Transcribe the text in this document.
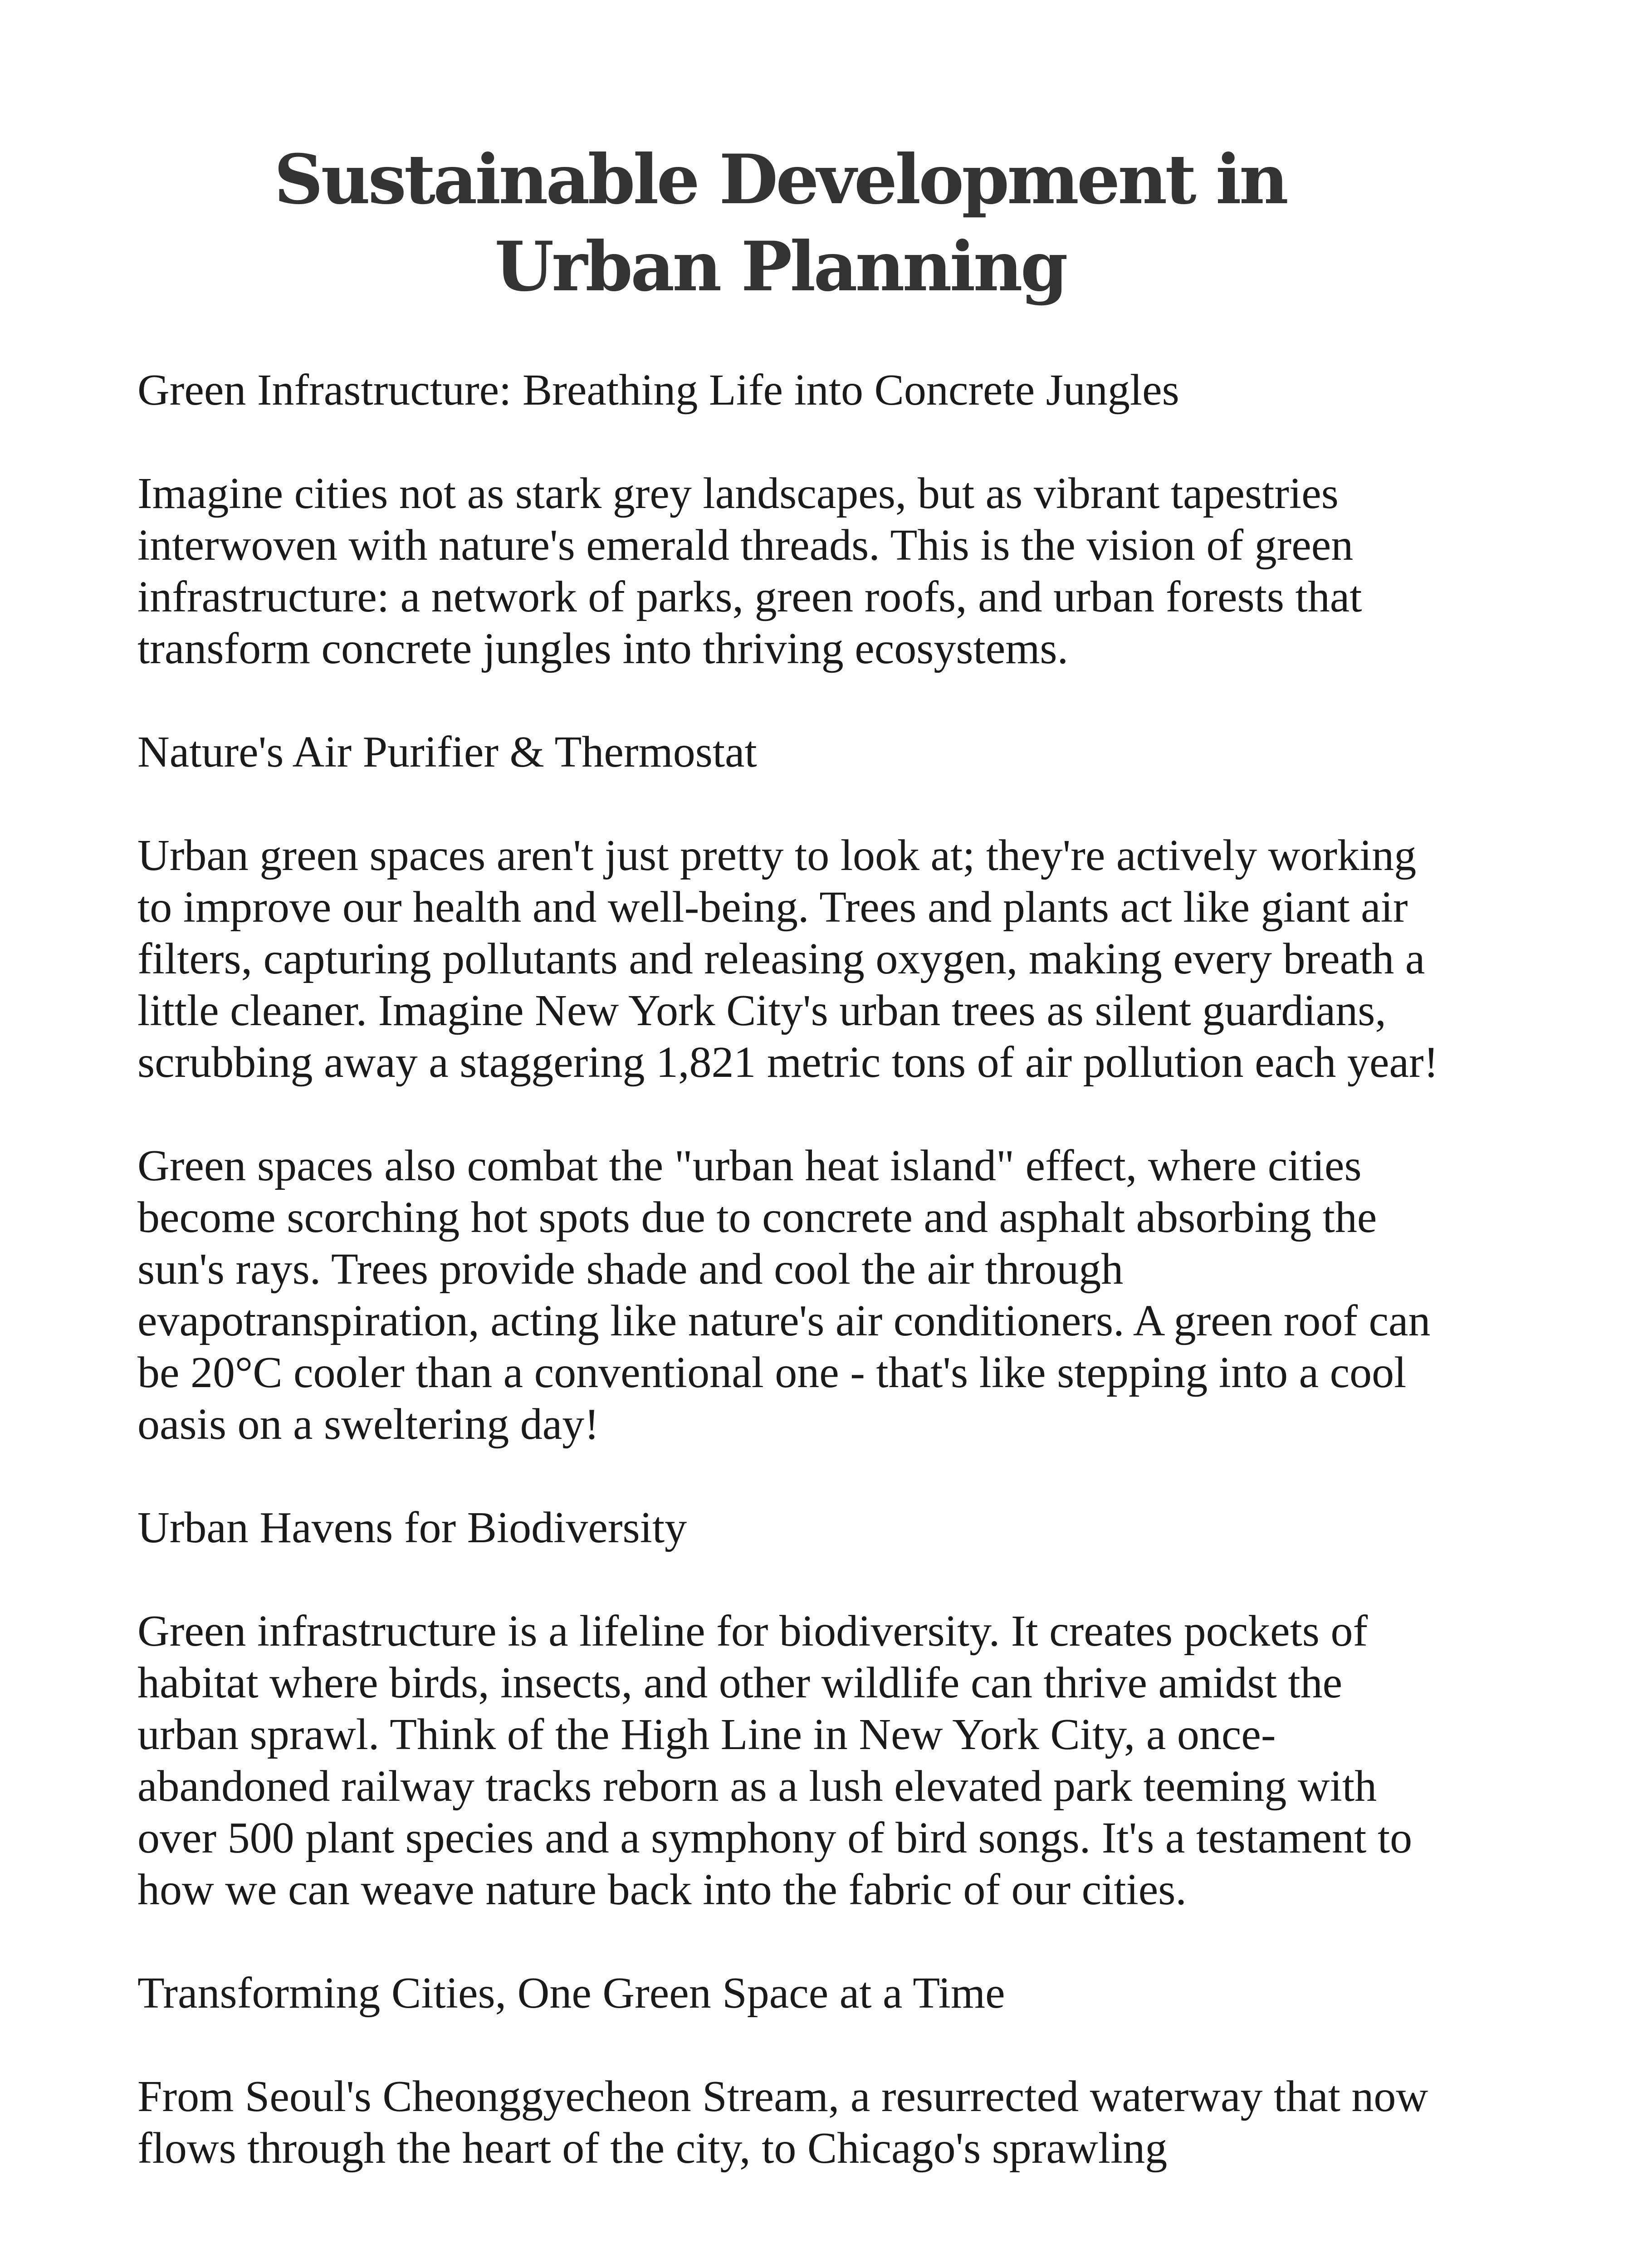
Sustainable Development in Urban Planning

Green Infrastructure: Breathing Life into Concrete Jungles

Imagine cities not as stark grey landscapes, but as vibrant tapestries interwoven with nature's emerald threads. This is the vision of green infrastructure: a network of parks, green roofs, and urban forests that transform concrete jungles into thriving ecosystems.

Nature's Air Purifier & Thermostat

Urban green spaces aren't just pretty to look at; they're actively working to improve our health and well-being. Trees and plants act like giant air filters, capturing pollutants and releasing oxygen, making every breath a little cleaner. Imagine New York City's urban trees as silent guardians, scrubbing away a staggering 1,821 metric tons of air pollution each year!

Green spaces also combat the "urban heat island" effect, where cities become scorching hot spots due to concrete and asphalt absorbing the sun's rays. Trees provide shade and cool the air through evapotranspiration, acting like nature's air conditioners. A green roof can be 20°C cooler than a conventional one - that's like stepping into a cool oasis on a sweltering day!

Urban Havens for Biodiversity

Green infrastructure is a lifeline for biodiversity. It creates pockets of habitat where birds, insects, and other wildlife can thrive amidst the urban sprawl. Think of the High Line in New York City, a once-abandoned railway tracks reborn as a lush elevated park teeming with over 500 plant species and a symphony of bird songs. It's a testament to how we can weave nature back into the fabric of our cities.

Transforming Cities, One Green Space at a Time

From Seoul's Cheonggyecheon Stream, a resurrected waterway that now flows through the heart of the city, to Chicago's sprawling
